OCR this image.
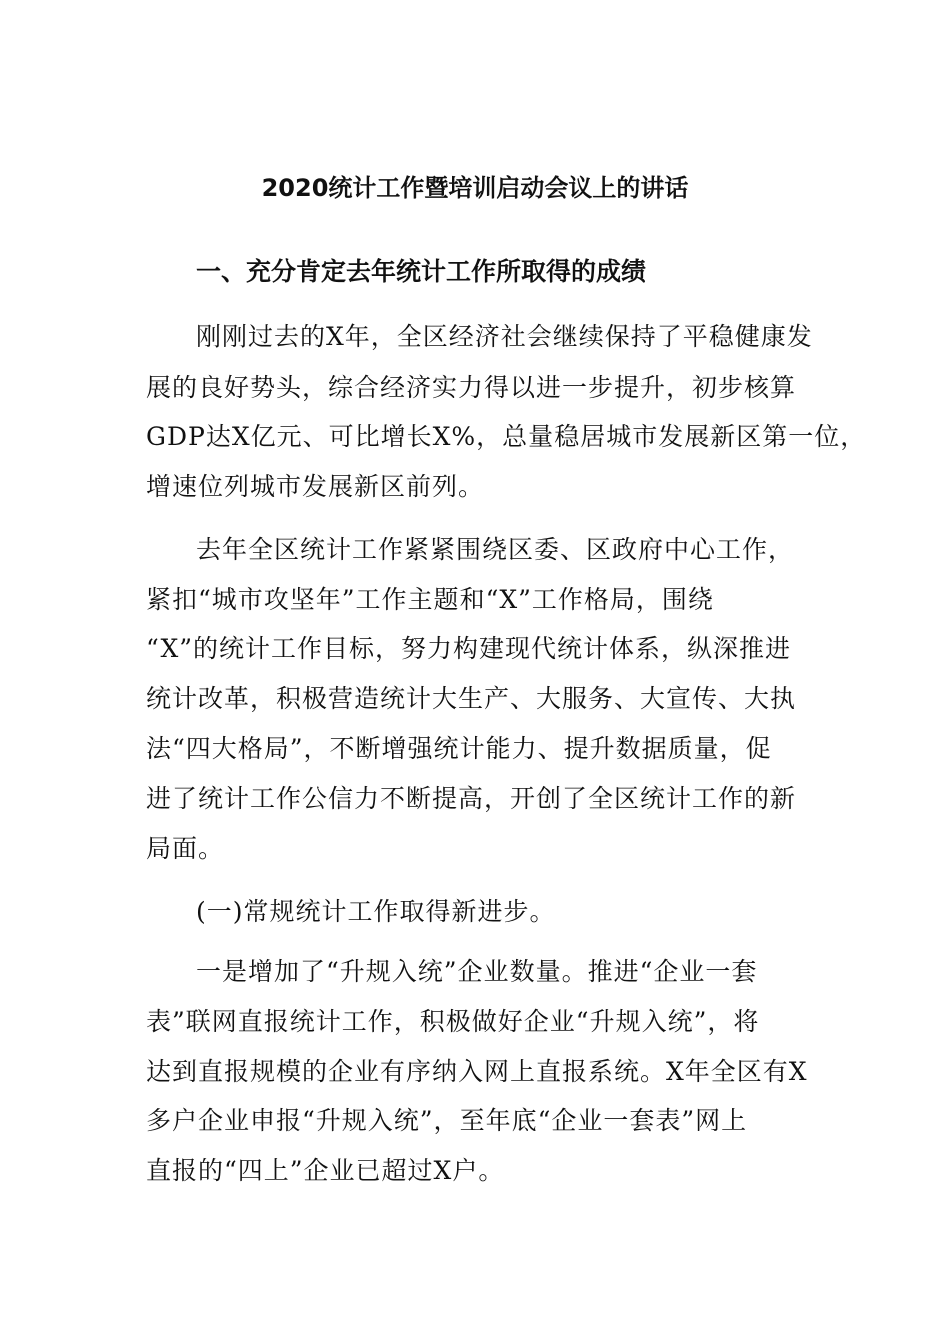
2020统计工作暨培训启动会议上的讲话
一、充分肯定去年统计工作所取得的成绩
刚刚过去的X年，全区经济社会继续保持了平稳健康发
展的良好势头，综合经济实力得以进一步提升，初步核算
GDP达X亿元、可比增长X%，总量稳居城市发展新区第一位，
增速位列城市发展新区前列。
去年全区统计工作紧紧围绕区委、区政府中心工作，
紧扣“城市攻坚年”工作主题和“X”工作格局，围绕
“X”的统计工作目标，努力构建现代统计体系，纵深推进
统计改革，积极营造统计大生产、大服务、大宣传、大执
法“四大格局”，不断增强统计能力、提升数据质量，促
进了统计工作公信力不断提高，开创了全区统计工作的新
局面。
(一)常规统计工作取得新进步。
一是增加了“升规入统”企业数量。推进“企业一套
表”联网直报统计工作，积极做好企业“升规入统”，将
达到直报规模的企业有序纳入网上直报系统。X年全区有X
多户企业申报“升规入统”，至年底“企业一套表”网上
直报的“四上”企业已超过X户。
